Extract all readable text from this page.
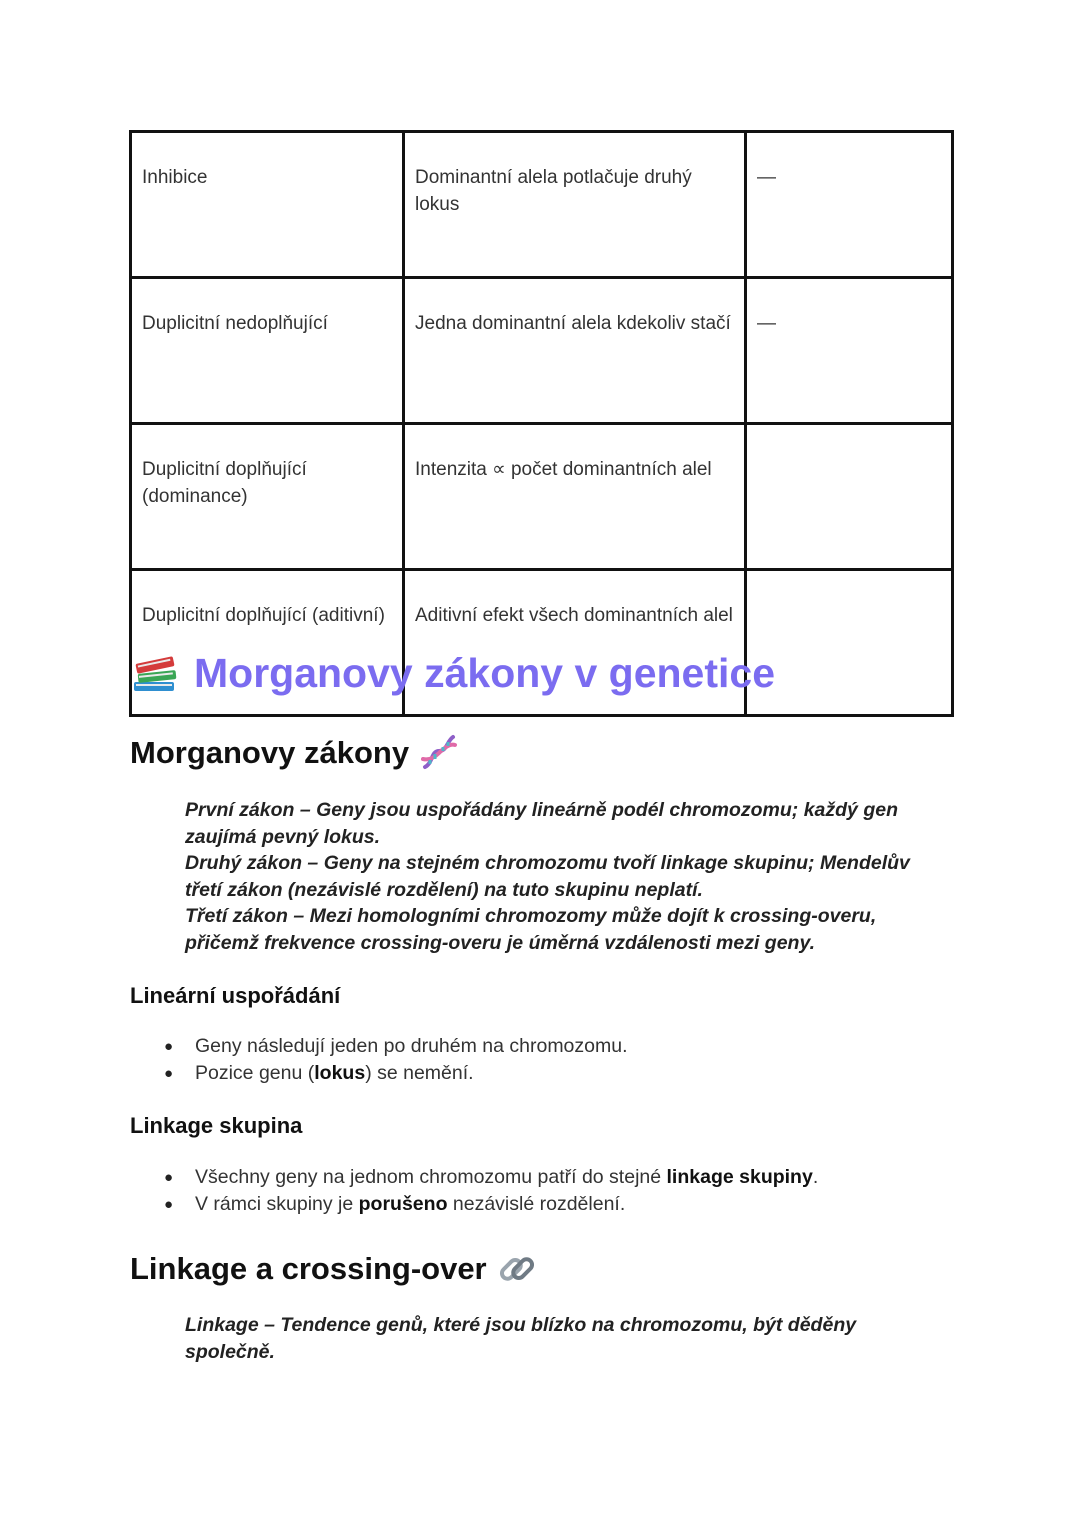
Inhibice	Dominantní alela potlačuje druhý lokus	—
Duplicitní nedoplňující	Jedna dominantní alela kdekoliv stačí	—
Duplicitní doplňující (dominance)	Intenzita ∝ počet dominantních alel	
Duplicitní doplňující (aditivní)	Aditivní efekt všech dominantních alel	
Morganovy zákony v genetice
Morganovy zákony
První zákon – Geny jsou uspořádány lineárně podél chromozomu; každý gen zaujímá pevný lokus.
Druhý zákon – Geny na stejném chromozomu tvoří linkage skupinu; Mendelův třetí zákon (nezávislé rozdělení) na tuto skupinu neplatí.
Třetí zákon – Mezi homologními chromozomy může dojít k crossing-overu, přičemž frekvence crossing-overu je úměrná vzdálenosti mezi geny.
Lineární uspořádání
● Geny následují jeden po druhém na chromozomu.
● Pozice genu (lokus) se nemění.
Linkage skupina
● Všechny geny na jednom chromozomu patří do stejné linkage skupiny.
● V rámci skupiny je porušeno nezávislé rozdělení.
Linkage a crossing-over
Linkage – Tendence genů, které jsou blízko na chromozomu, být děděny společně.
